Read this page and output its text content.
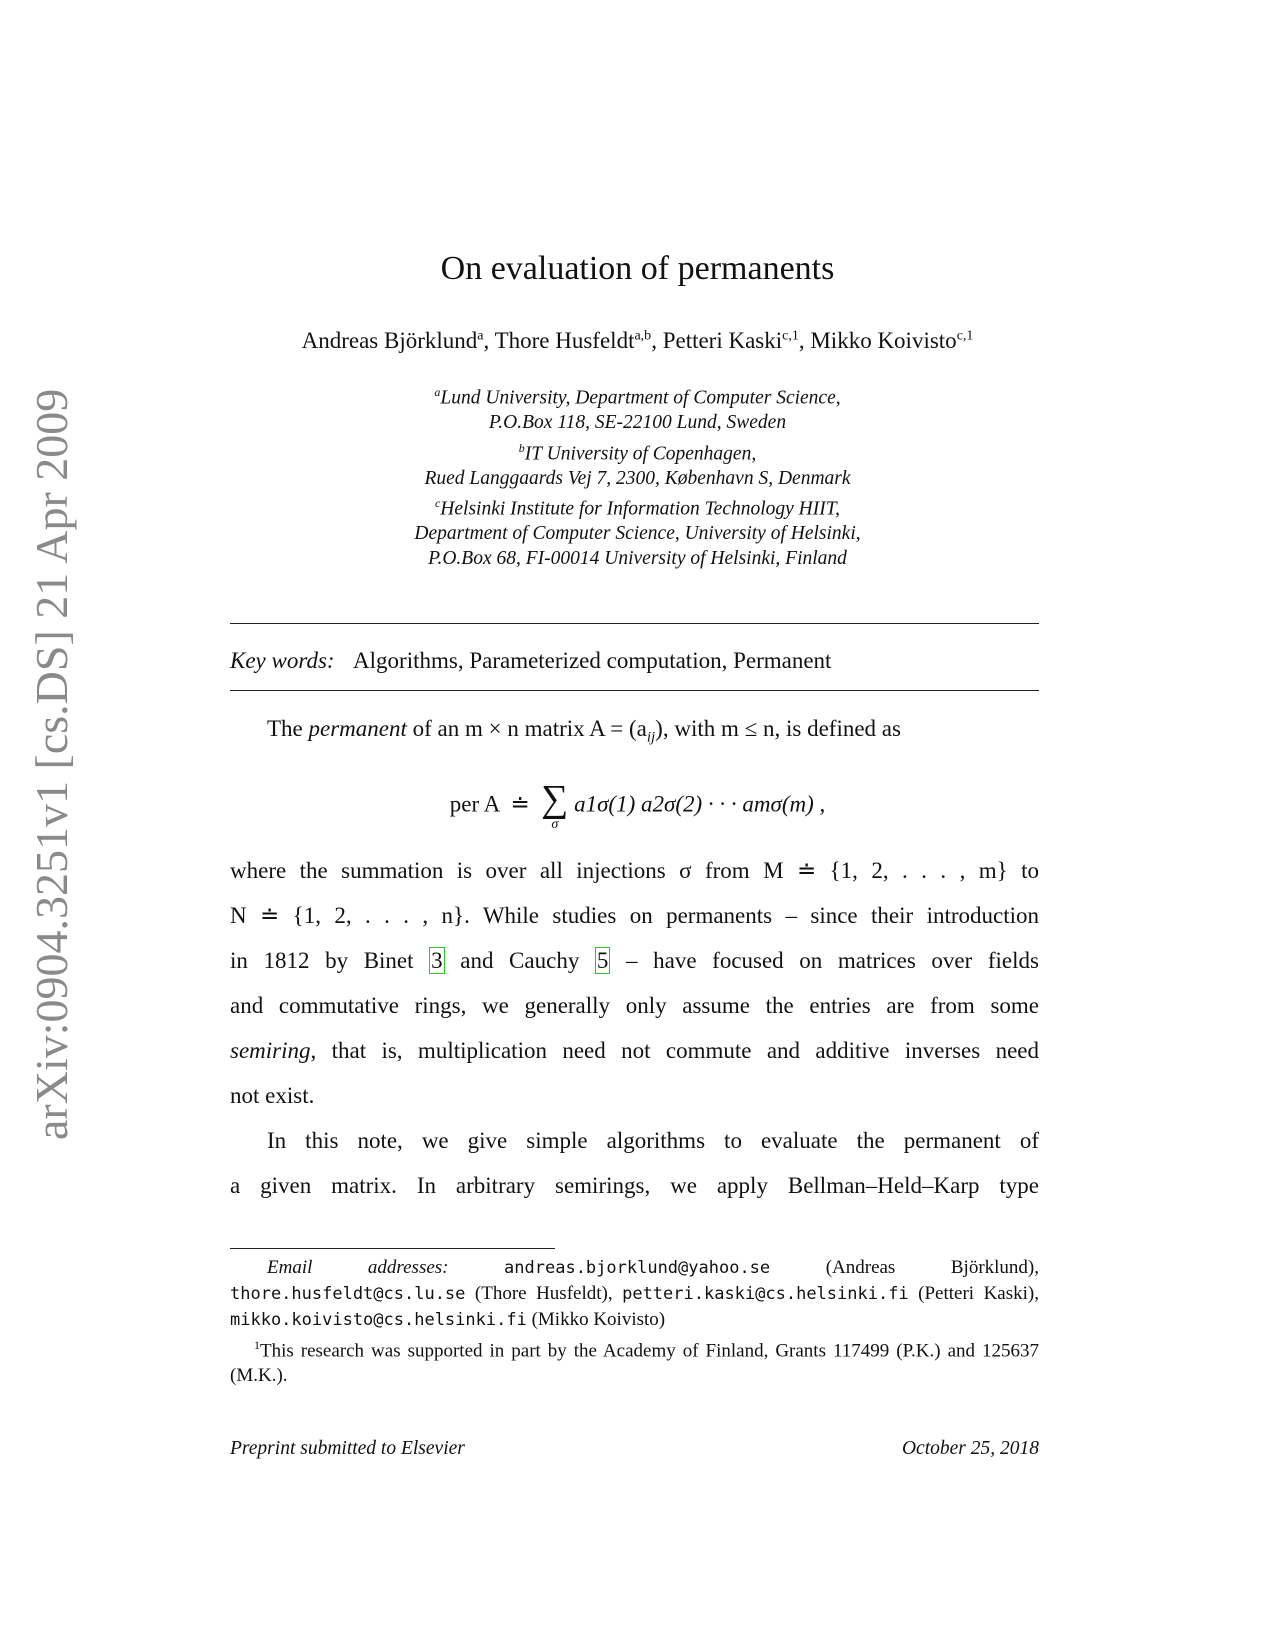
arXiv:0904.3251v1 [cs.DS] 21 Apr 2009
On evaluation of permanents
Andreas Björklund$^a$, Thore Husfeldt$^{a,b}$, Petteri Kaski$^{c,1}$, Mikko Koivisto$^{c,1}$
$^a$Lund University, Department of Computer Science,
P.O.Box 118, SE-22100 Lund, Sweden
$^b$IT University of Copenhagen,
Rued Langgaards Vej 7, 2300, København S, Denmark
$^c$Helsinki Institute for Information Technology HIIT,
Department of Computer Science, University of Helsinki,
P.O.Box 68, FI-00014 University of Helsinki, Finland
Key words: Algorithms, Parameterized computation, Permanent
The permanent of an m × n matrix $A = (a_{ij})$, with m ≤ n, is defined as
per A ≐ ∑
σ
a1σ(1) a2σ(2) · · · amσ(m) ,
where the summation is over all injections σ from M ≐ {1, 2, . . . , m} to
N ≐ {1, 2, . . . , n}. While studies on permanents – since their introduction
in 1812 by Binet 3 and Cauchy 5 – have focused on matrices over fields
and commutative rings, we generally only assume the entries are from some
semiring, that is, multiplication need not commute and additive inverses need
not exist.
In this note, we give simple algorithms to evaluate the permanent of
a given matrix. In arbitrary semirings, we apply Bellman–Held–Karp type
Email addresses:	andreas.bjorklund@yahoo.se (Andreas Björklund), thore.husfeldt@cs.lu.se (Thore Husfeldt), petteri.kaski@cs.helsinki.fi (Petteri Kaski), mikko.koivisto@cs.helsinki.fi (Mikko Koivisto)
$^1$This research was supported in part by the Academy of Finland, Grants 117499 (P.K.) and 125637 (M.K.).
Preprint submitted to Elsevier	October 25, 2018
